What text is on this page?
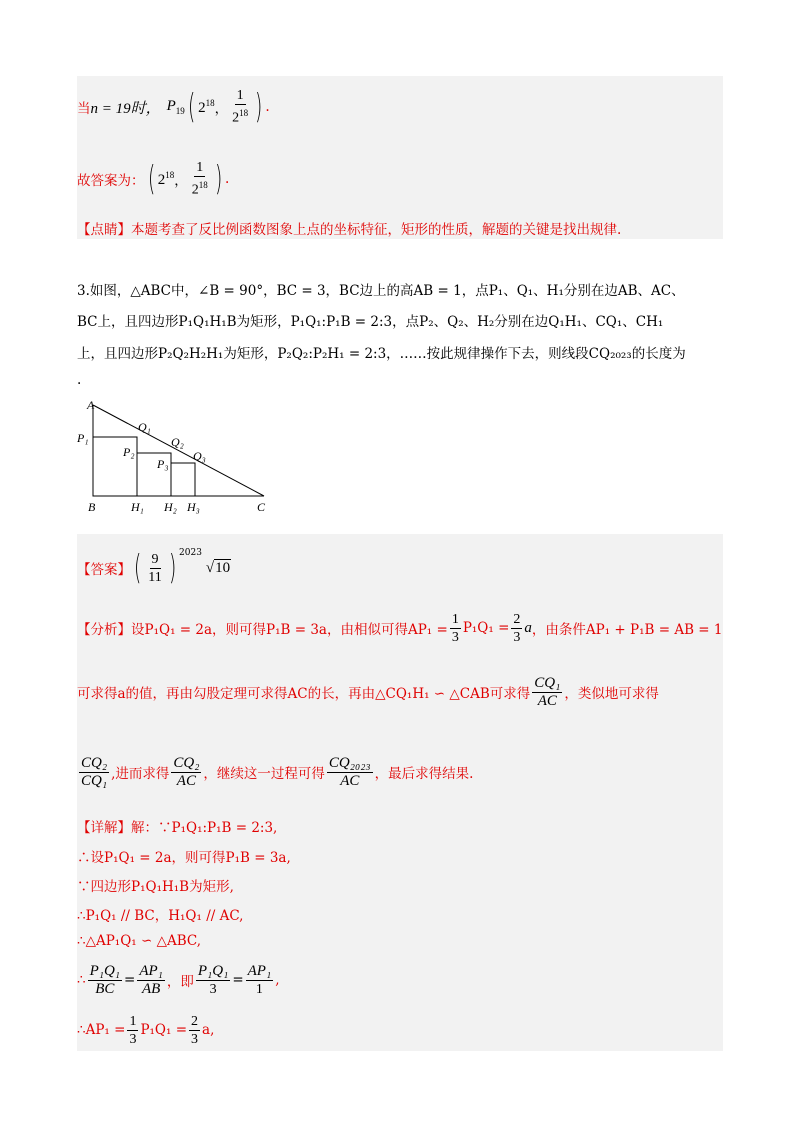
当 n = 19时， $P_{19}$ ( $2^{18}$ ， $\frac{1}{2^{18}}$ ) .
故答案为： ( $2^{18}$ ， $\frac{1}{2^{18}}$ ) .
【点睛】 本题考查了反比例函数图象上点的坐标特征，矩形的性质，解题的关键是找出规律.
3.如图，△ABC中，∠B = 90°，BC = 3，BC边上的高AB = 1，点P₁、Q₁、H₁分别在边AB、AC、
BC上，且四边形P₁Q₁H₁B为矩形，P₁Q₁:P₁B = 2:3，点P₂、Q₂、H₂分别在边Q₁H₁、CQ₁、CH₁
上，且四边形P₂Q₂H₂H₁为矩形，P₂Q₂:P₂H₁ = 2:3，……按此规律操作下去，则线段CQ₂₀₂₃的长度为
.
A
P₁
Q₁
P₂
Q₂
P₃
Q₃
B	H₁ H₂ H₃	C
【答案】 ( $\frac{9}{11}$ ) $^{2023}$
√ 10
【分析】 设P₁Q₁ = 2a，则可得P₁B = 3a，由相似可得$AP_1 = \frac{1}{3} P_1Q_1 = \frac{2}{3}$ a ，由条件AP₁ + P₁B = AB = 1
可求得a的值，再由勾股定理可求得AC的长，再由△CQ₁H₁ ∽ △CAB可求得 $\frac{\text{CQ₁}}{AC}$ ，类似地可求得
$\frac{\text{CQ₂}}{\text{CQ₁}}$ ,进而求得 $\frac{\text{CQ₂}}{AC}$ ，继续这一过程可得 $\frac{\text{CQ₂₀₂₃}}{AC}$ ，最后求得结果.
【详解】 解：∵P₁Q₁:P₁B = 2:3,
∴设P₁Q₁ = 2a，则可得P₁B = 3a,
∵四边形P₁Q₁H₁B为矩形,
∴P₁Q₁ // BC，H₁Q₁ // AC,
∴△AP₁Q₁ ∽ △ABC,
∴ $\frac{\text{P₁Q₁}}{BC} = \frac{\text{AP₁}}{AB}$ ，即 $\frac{\text{P₁Q₁}}{3} = \frac{\text{AP₁}}{1}$ ,
∴AP₁ = $\frac{1}{3} P_1Q_1 = \frac{2}{3} a$,
